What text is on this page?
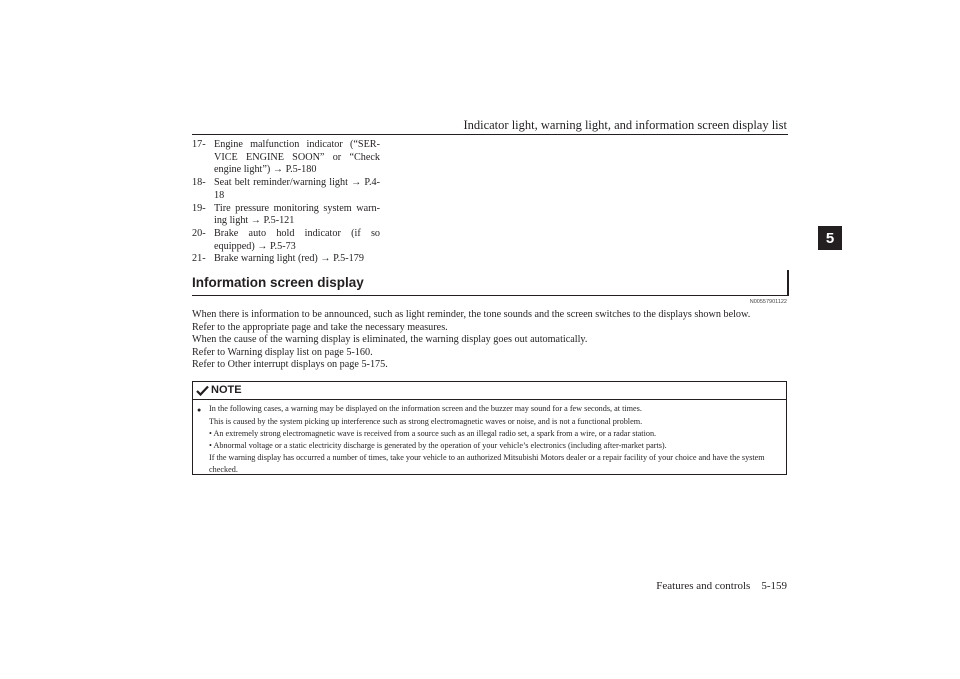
Indicator light, warning light, and information screen display list
5
17- Engine malfunction indicator (“SER-VICE ENGINE SOON” or “Check engine light”) → P.5-180
18- Seat belt reminder/warning light → P.4-18
19- Tire pressure monitoring system warn-ing light → P.5-121
20- Brake auto hold indicator (if so equipped) → P.5-73
21- Brake warning light (red) → P.5-179
Information screen display
N00557901122

When there is information to be announced, such as light reminder, the tone sounds and the screen switches to the displays shown below.

Refer to the appropriate page and take the necessary measures.

When the cause of the warning display is eliminated, the warning display goes out automatically.

Refer to Warning display list on page 5-160.

Refer to Other interrupt displays on page 5-175.

NOTE
● In the following cases, a warning may be displayed on the information screen and the buzzer may sound for a few seconds, at times.

This is caused by the system picking up interference such as strong electromagnetic waves or noise, and is not a functional problem.

• An extremely strong electromagnetic wave is received from a source such as an illegal radio set, a spark from a wire, or a radar station.

• Abnormal voltage or a static electricity discharge is generated by the operation of your vehicle’s electronics (including after-market parts).

If the warning display has occurred a number of times, take your vehicle to an authorized Mitsubishi Motors dealer or a repair facility of your choice and have the system checked.

Features and controls    5-159
